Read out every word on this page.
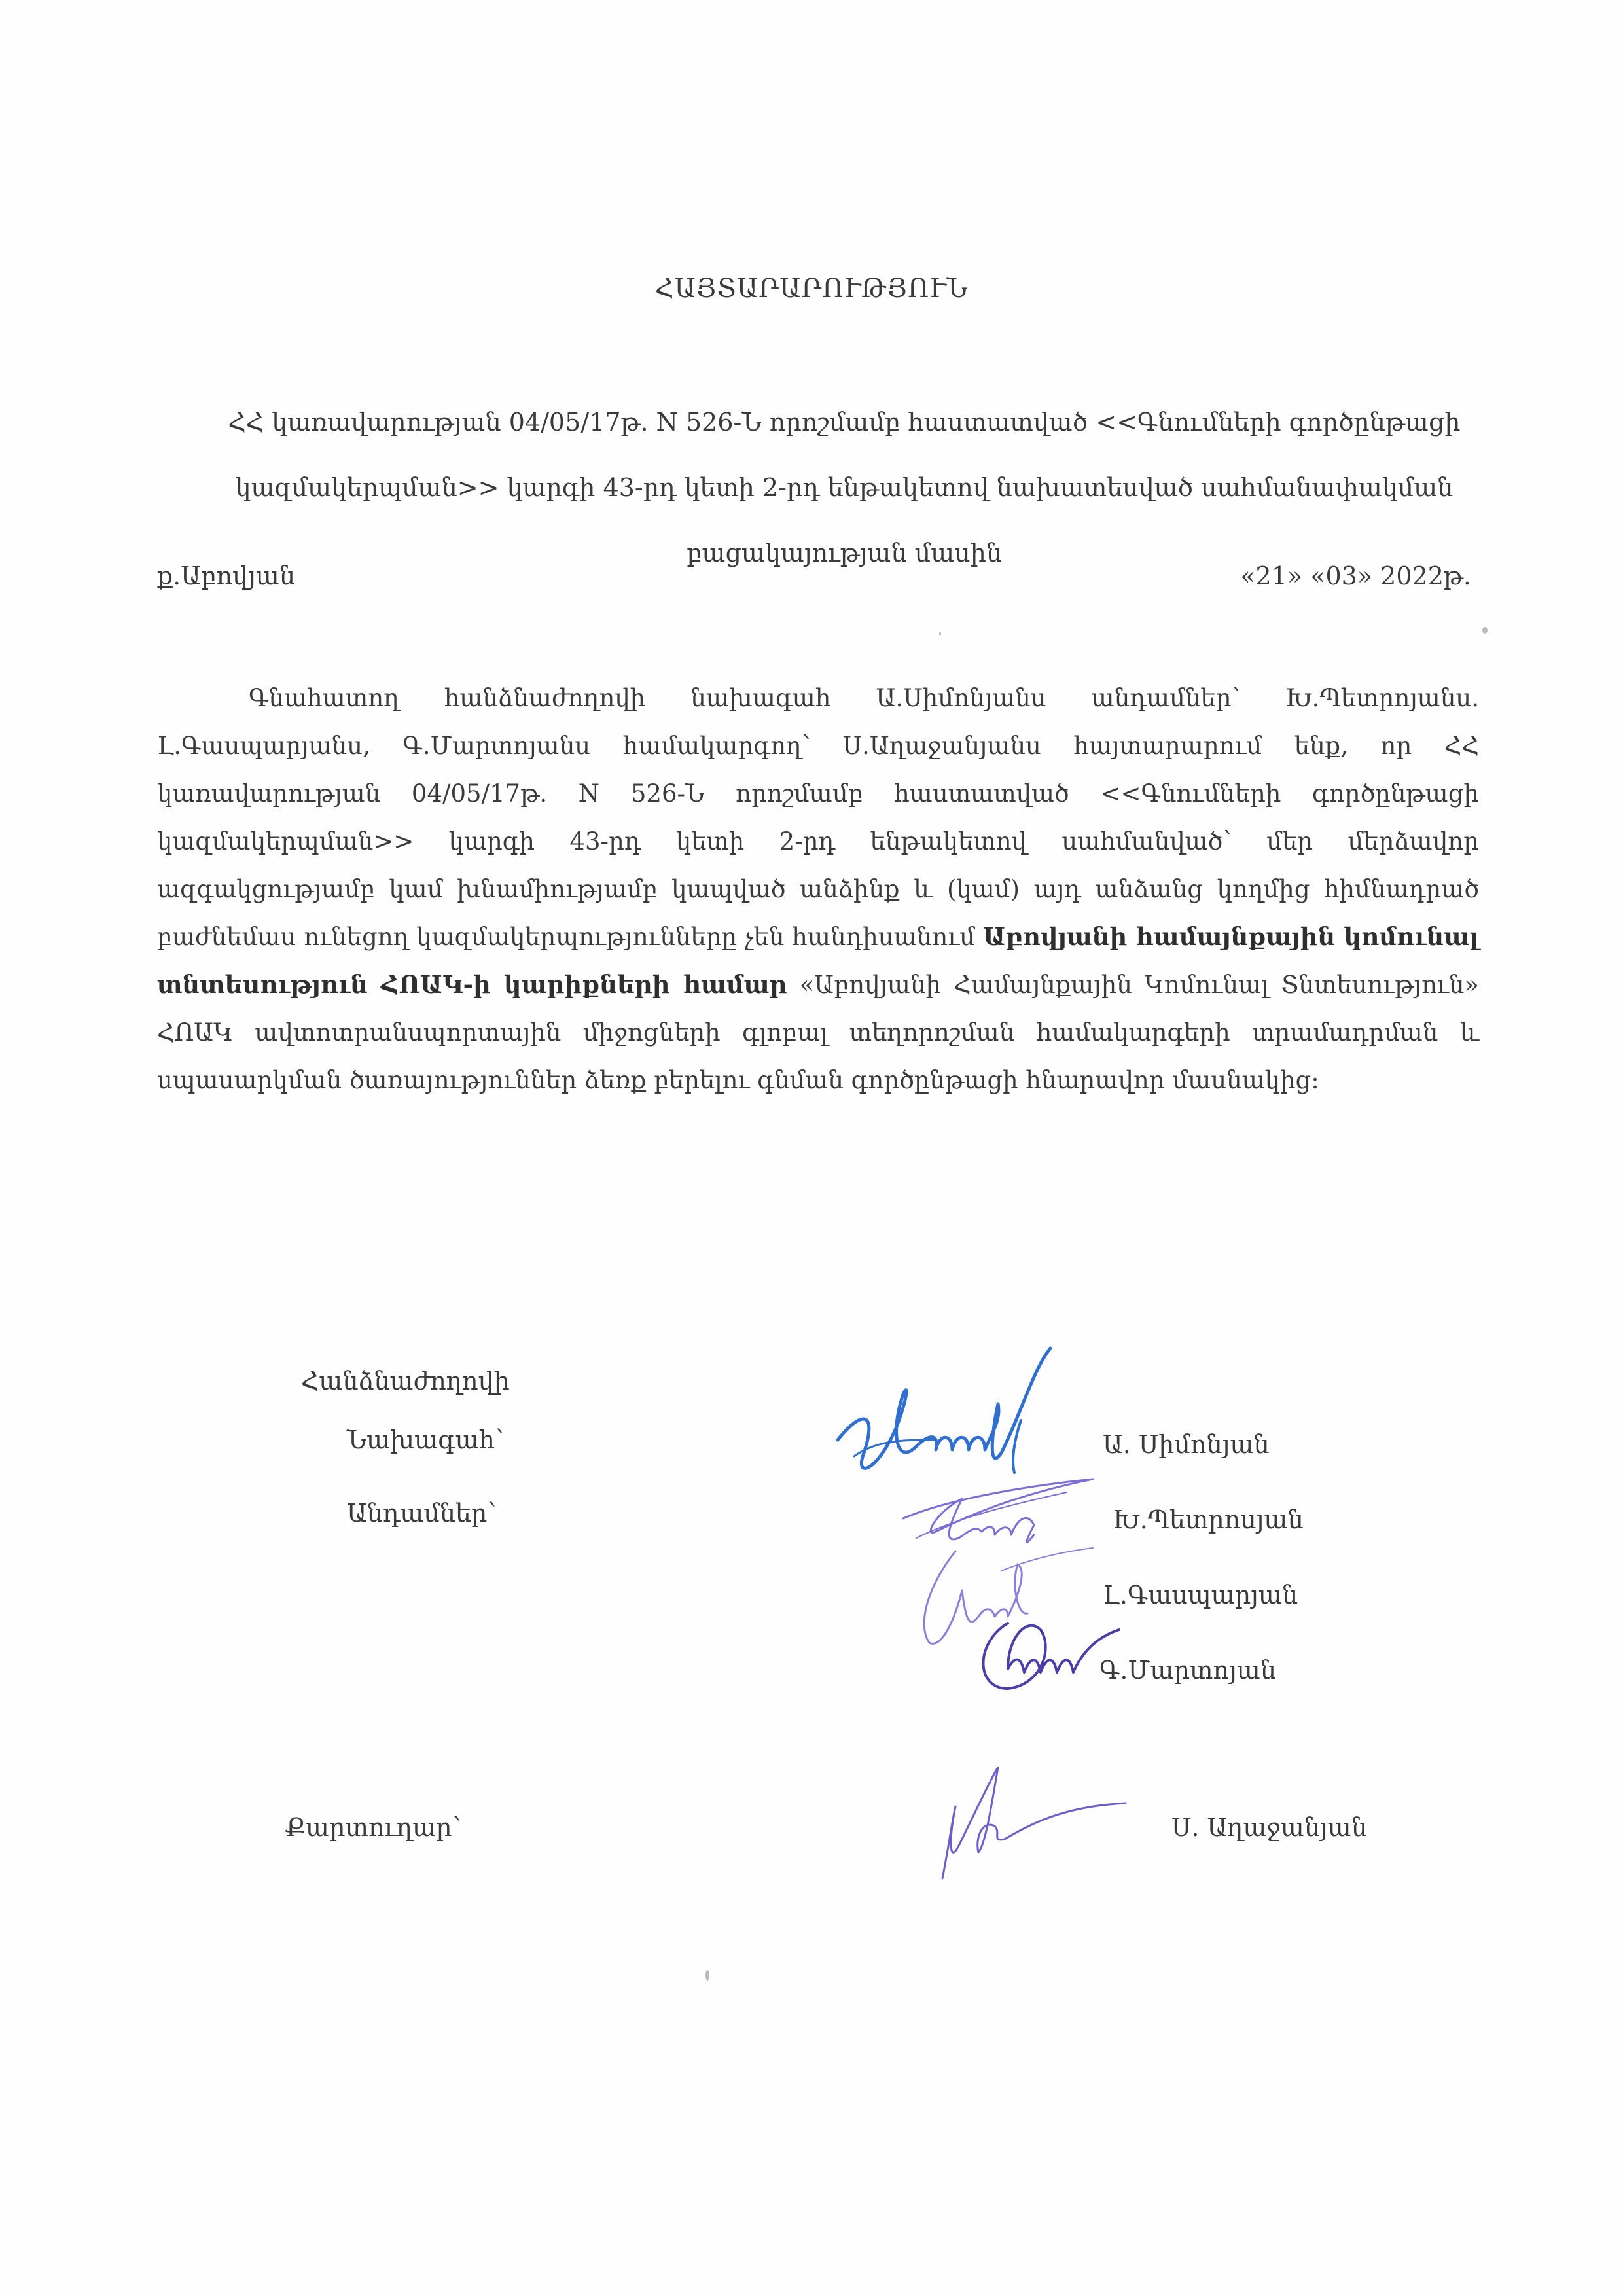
ՀԱՅՏԱՐԱՐՈՒԹՅՈՒՆ
ՀՀ կառավարության 04/05/17թ. N 526-Ն որոշմամբ հաստատված <<Գնումների գործընթացի կազմակերպման>> կարգի 43-րդ կետի 2-րդ ենթակետով նախատեսված սահմանափակման բացակայության մասին
ք.Աբովյան	«21» «03» 2022թ.
Գնահատող հանձնաժողովի նախագահ Ա.Սիմոնյանս անդամներ՝ Խ.Պետրոյանս. Լ.Գասպարյանս, Գ.Մարտոյանս համակարգող՝ Ս.Աղաջանյանս հայտարարում ենք, որ ՀՀ կառավարության 04/05/17թ. N 526-Ն որոշմամբ հաստատված <<Գնումների գործընթացի կազմակերպման>> կարգի 43-րդ կետի 2-րդ ենթակետով սահմանված՝ մեր մերձավոր ազգակցությամբ կամ խնամիությամբ կապված անձինք և (կամ) այդ անձանց կողմից հիմնադրած բաժնեմաս ունեցող կազմակերպությունները չեն հանդիսանում Աբովյանի համայնքային կոմունալ տնտեսություն ՀՈԱԿ-ի կարիքների համար «Աբովյանի Համայնքային Կոմունալ Տնտեսություն» ՀՈԱԿ ավտոտրանսպորտային միջոցների գլոբալ տեղորոշման համակարգերի տրամադրման և սպասարկման ծառայություններ ձեռք բերելու գնման գործընթացի հնարավոր մասնակից:
Հանձնաժողովի
Նախագահ՝
Անդամներ՝
Քարտուղար՝
Ա. Սիմոնյան
Խ.Պետրոսյան
Լ.Գասպարյան
Գ.Մարտոյան
Ս. Աղաջանյան
